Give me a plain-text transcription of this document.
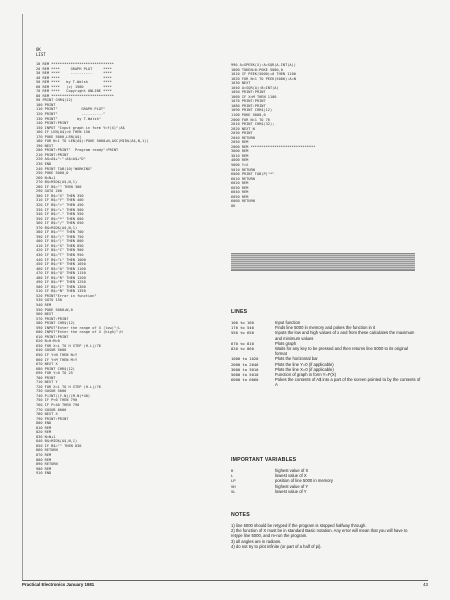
OK
LIST
10 REM *****************************
20 REM ****     GRAPH PLOT     ****
30 REM ****     ----------     ****
40 REM ****                    ****
50 REM ****   by T.Walsh       ****
60 REM ****   (c) 1980         ****
70 REM ****   Copyright ONLINE ****
80 REM *****************************
90 PRINT CHR$(12)
100 PRINT
110 PRINT"           GRAPH PLOT"
120 PRINT"           ----------"
130 PRINT"         by T.Walsh"
140 PRINT:PRINT
150 INPUT "Input graph in form Y=f(X)";A$
160 IF LEN(A$)=0 THEN 150
170 POKE 5000,LEN(A$)
180 FOR N=1 TO LEN(A$):POKE 5000+N,ASC(MID$(A$,N,1))
190 NEXT
200 PRINT:PRINT"  Program ready":PRINT
210 PRINT:PRINT
220 A$=A$+":":A$=A$+"D"
230 END
240 PRINT TAB(10)"WORKING"
250 POKE 5000,0
260 N=N+1
270 B$=MID$(A$,N,1)
280 IF B$="" THEN 300
290 GOTO 260
300 IF B$="X" THEN 350
310 IF B$="Y" THEN 400
320 IF B$="=" THEN 450
330 IF B$="+" THEN 500
340 IF B$="-" THEN 550
350 IF B$="*" THEN 600
360 IF B$="/" THEN 650
370 B$=MID$(A$,N,1)
380 IF B$="^" THEN 700
390 IF B$="(" THEN 750
400 IF B$=")" THEN 800
410 IF B$="S" THEN 850
420 IF B$="C" THEN 900
430 IF B$="T" THEN 950
440 IF B$="L" THEN 1000
450 IF B$="E" THEN 1050
460 IF B$="A" THEN 1100
470 IF B$="Q" THEN 1150
480 IF B$="R" THEN 1200
490 IF B$="P" THEN 1250
500 IF B$="I" THEN 1300
510 IF B$="N" THEN 1350
520 PRINT"Error in function"
530 GOTO 150
540 REM
550 POKE 5000+N,0
560 NEXT
570 PRINT:PRINT
580 PRINT CHR$(12)
590 INPUT"Enter the range of X (low)";L
600 INPUT"Enter the range of X (high)";H
610 PRINT:PRINT
620 N=0:M=0
630 FOR X=L TO H STEP (H-L)/76
640 GOSUB 5000
650 IF Y<N THEN N=Y
660 IF Y>M THEN M=Y
670 NEXT X
680 PRINT CHR$(12)
690 FOR Y=0 TO 25
700 PRINT
710 NEXT Y
720 FOR X=L TO H STEP (H-L)/76
730 GOSUB 5000
740 P=INT((Y-N)/(M-N)*40)
750 IF P<0 THEN 790
760 IF P>40 THEN 790
770 GOSUB 6000
780 NEXT X
790 PRINT:PRINT
800 END
810 REM
820 REM
830 N=N+1
840 B$=MID$(A$,N,1)
850 IF B$="" THEN 830
860 RETURN
870 REM
880 REM
890 RETURN
900 REM
910 END
990 A=SPEEK(X):A=SQR(A-INT(A))
1000 TOKEN=0:POKE 5000,0
1010 IF PEEK(5000)=0 THEN 1100
1020 FOR N=1 TO PEEK(5000):A=N
1030 NEXT
1040 A=SQR(A):B=INT(A)
1050 PRINT:PRINT
1060 IF X<M THEN 1100
1070 PRINT:PRINT
1080 PRINT:PRINT
1090 PRINT CHR$(12)
1100 POKE 5000,0
2000 FOR N=1 TO 76
2010 PRINT CHR$(32);
2020 NEXT N
2030 PRINT
2040 RETURN
2050 REM
2060 REM ******************************
3000 REM
3010 REM
4000 REM
5000 Y=X
5010 RETURN
6000 PRINT TAB(P)"*"
6010 RETURN
6020 REM
6030 REM
6040 REM
6050 REM
6060 RETURN
OK
LINES
100 to 160	Input function
170 to 540	Finds line 5000 in memory and pokes the function in it
550 to 650	Inputs the low and high values of x and from these calculates the maximum and minimum values
670 to 810	Plots graph
820 to 860	Waits for any key to be pressed and then returns line 5000 to its original format
1000 to 1020	Plots the horizontal bar
2000 to 2040	Plots the line Y=0 (if applicable)
3000 to 3010	Plots the line X=0 (if applicable)
5000 to 5010	Function of graph in form Y=F(X)
6000 to 6060	Pokes the contents of A$ into a part of the screen pointed to by the contents of A
IMPORTANT VARIABLES
H	highest value of X
L	lowest value of X
LP	position of line 5000 in memory
VH	highest value of Y
VL	lowest value of Y
NOTES
1) line 5000 should be retyped if the program is stopped halfway through.
2) the function of X must be in standard Basic notation. Any error will mean that you will have to retype line 5000, and re-run the program.
3) all angles are in radians.
4) do not try to plot infinite (or part of a half of pi).
Practical Electronics January 1981	43
